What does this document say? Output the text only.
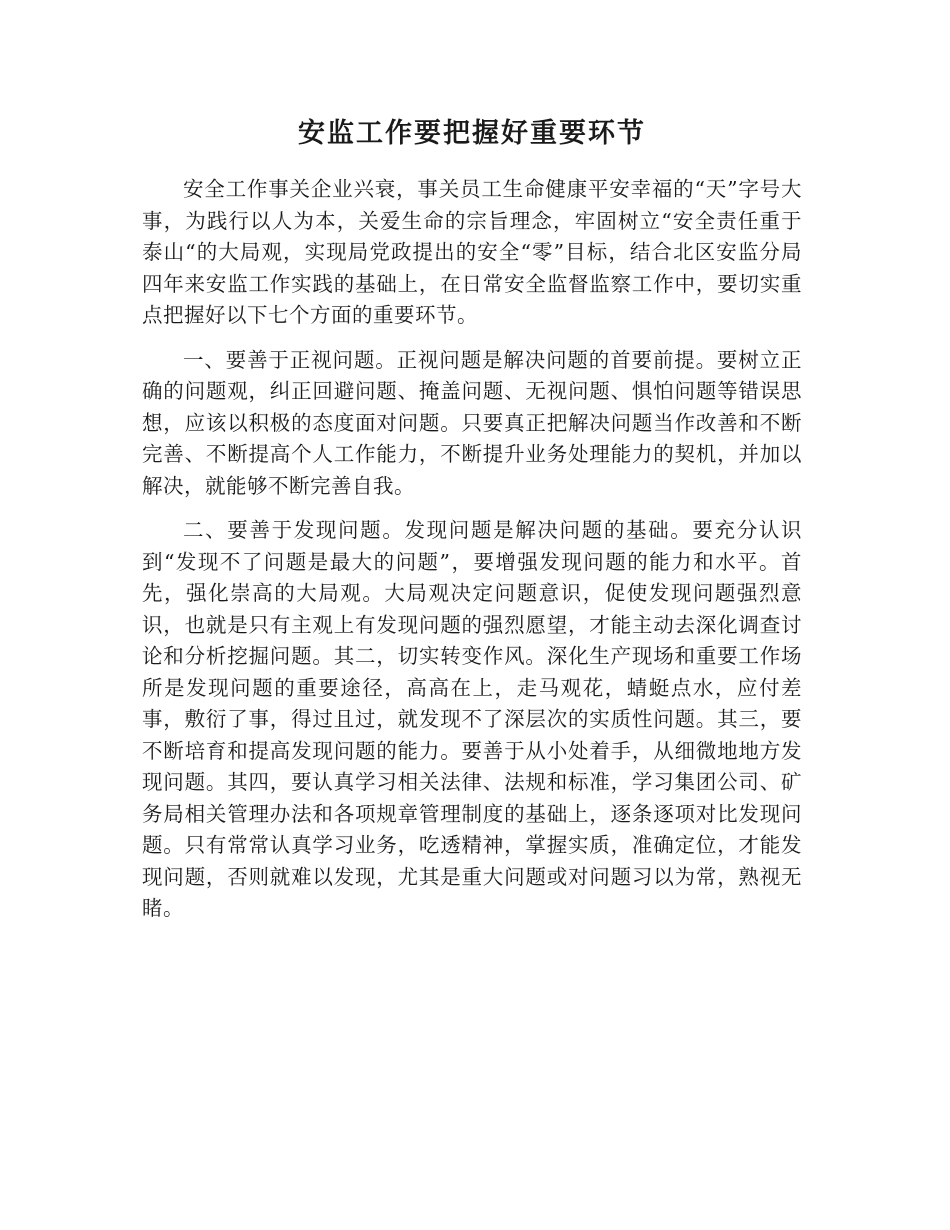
安监工作要把握好重要环节

安全工作事关企业兴衰，事关员工生命健康平安幸福的“天”字号大事，为践行以人为本，关爱生命的宗旨理念，牢固树立“安全责任重于泰山“的大局观，实现局党政提出的安全“零”目标，结合北区安监分局四年来安监工作实践的基础上，在日常安全监督监察工作中，要切实重点把握好以下七个方面的重要环节。

一、要善于正视问题。正视问题是解决问题的首要前提。要树立正确的问题观，纠正回避问题、掩盖问题、无视问题、惧怕问题等错误思想，应该以积极的态度面对问题。只要真正把解决问题当作改善和不断完善、不断提高个人工作能力，不断提升业务处理能力的契机，并加以解决，就能够不断完善自我。

二、要善于发现问题。发现问题是解决问题的基础。要充分认识到“发现不了问题是最大的问题”，要增强发现问题的能力和水平。首先，强化崇高的大局观。大局观决定问题意识，促使发现问题强烈意识，也就是只有主观上有发现问题的强烈愿望，才能主动去深化调查讨论和分析挖掘问题。其二，切实转变作风。深化生产现场和重要工作场所是发现问题的重要途径，高高在上，走马观花，蜻蜓点水，应付差事，敷衍了事，得过且过，就发现不了深层次的实质性问题。其三，要不断培育和提高发现问题的能力。要善于从小处着手，从细微地地方发现问题。其四，要认真学习相关法律、法规和标准，学习集团公司、矿务局相关管理办法和各项规章管理制度的基础上，逐条逐项对比发现问题。只有常常认真学习业务，吃透精神，掌握实质，准确定位，才能发现问题，否则就难以发现，尤其是重大问题或对问题习以为常，熟视无睹。
